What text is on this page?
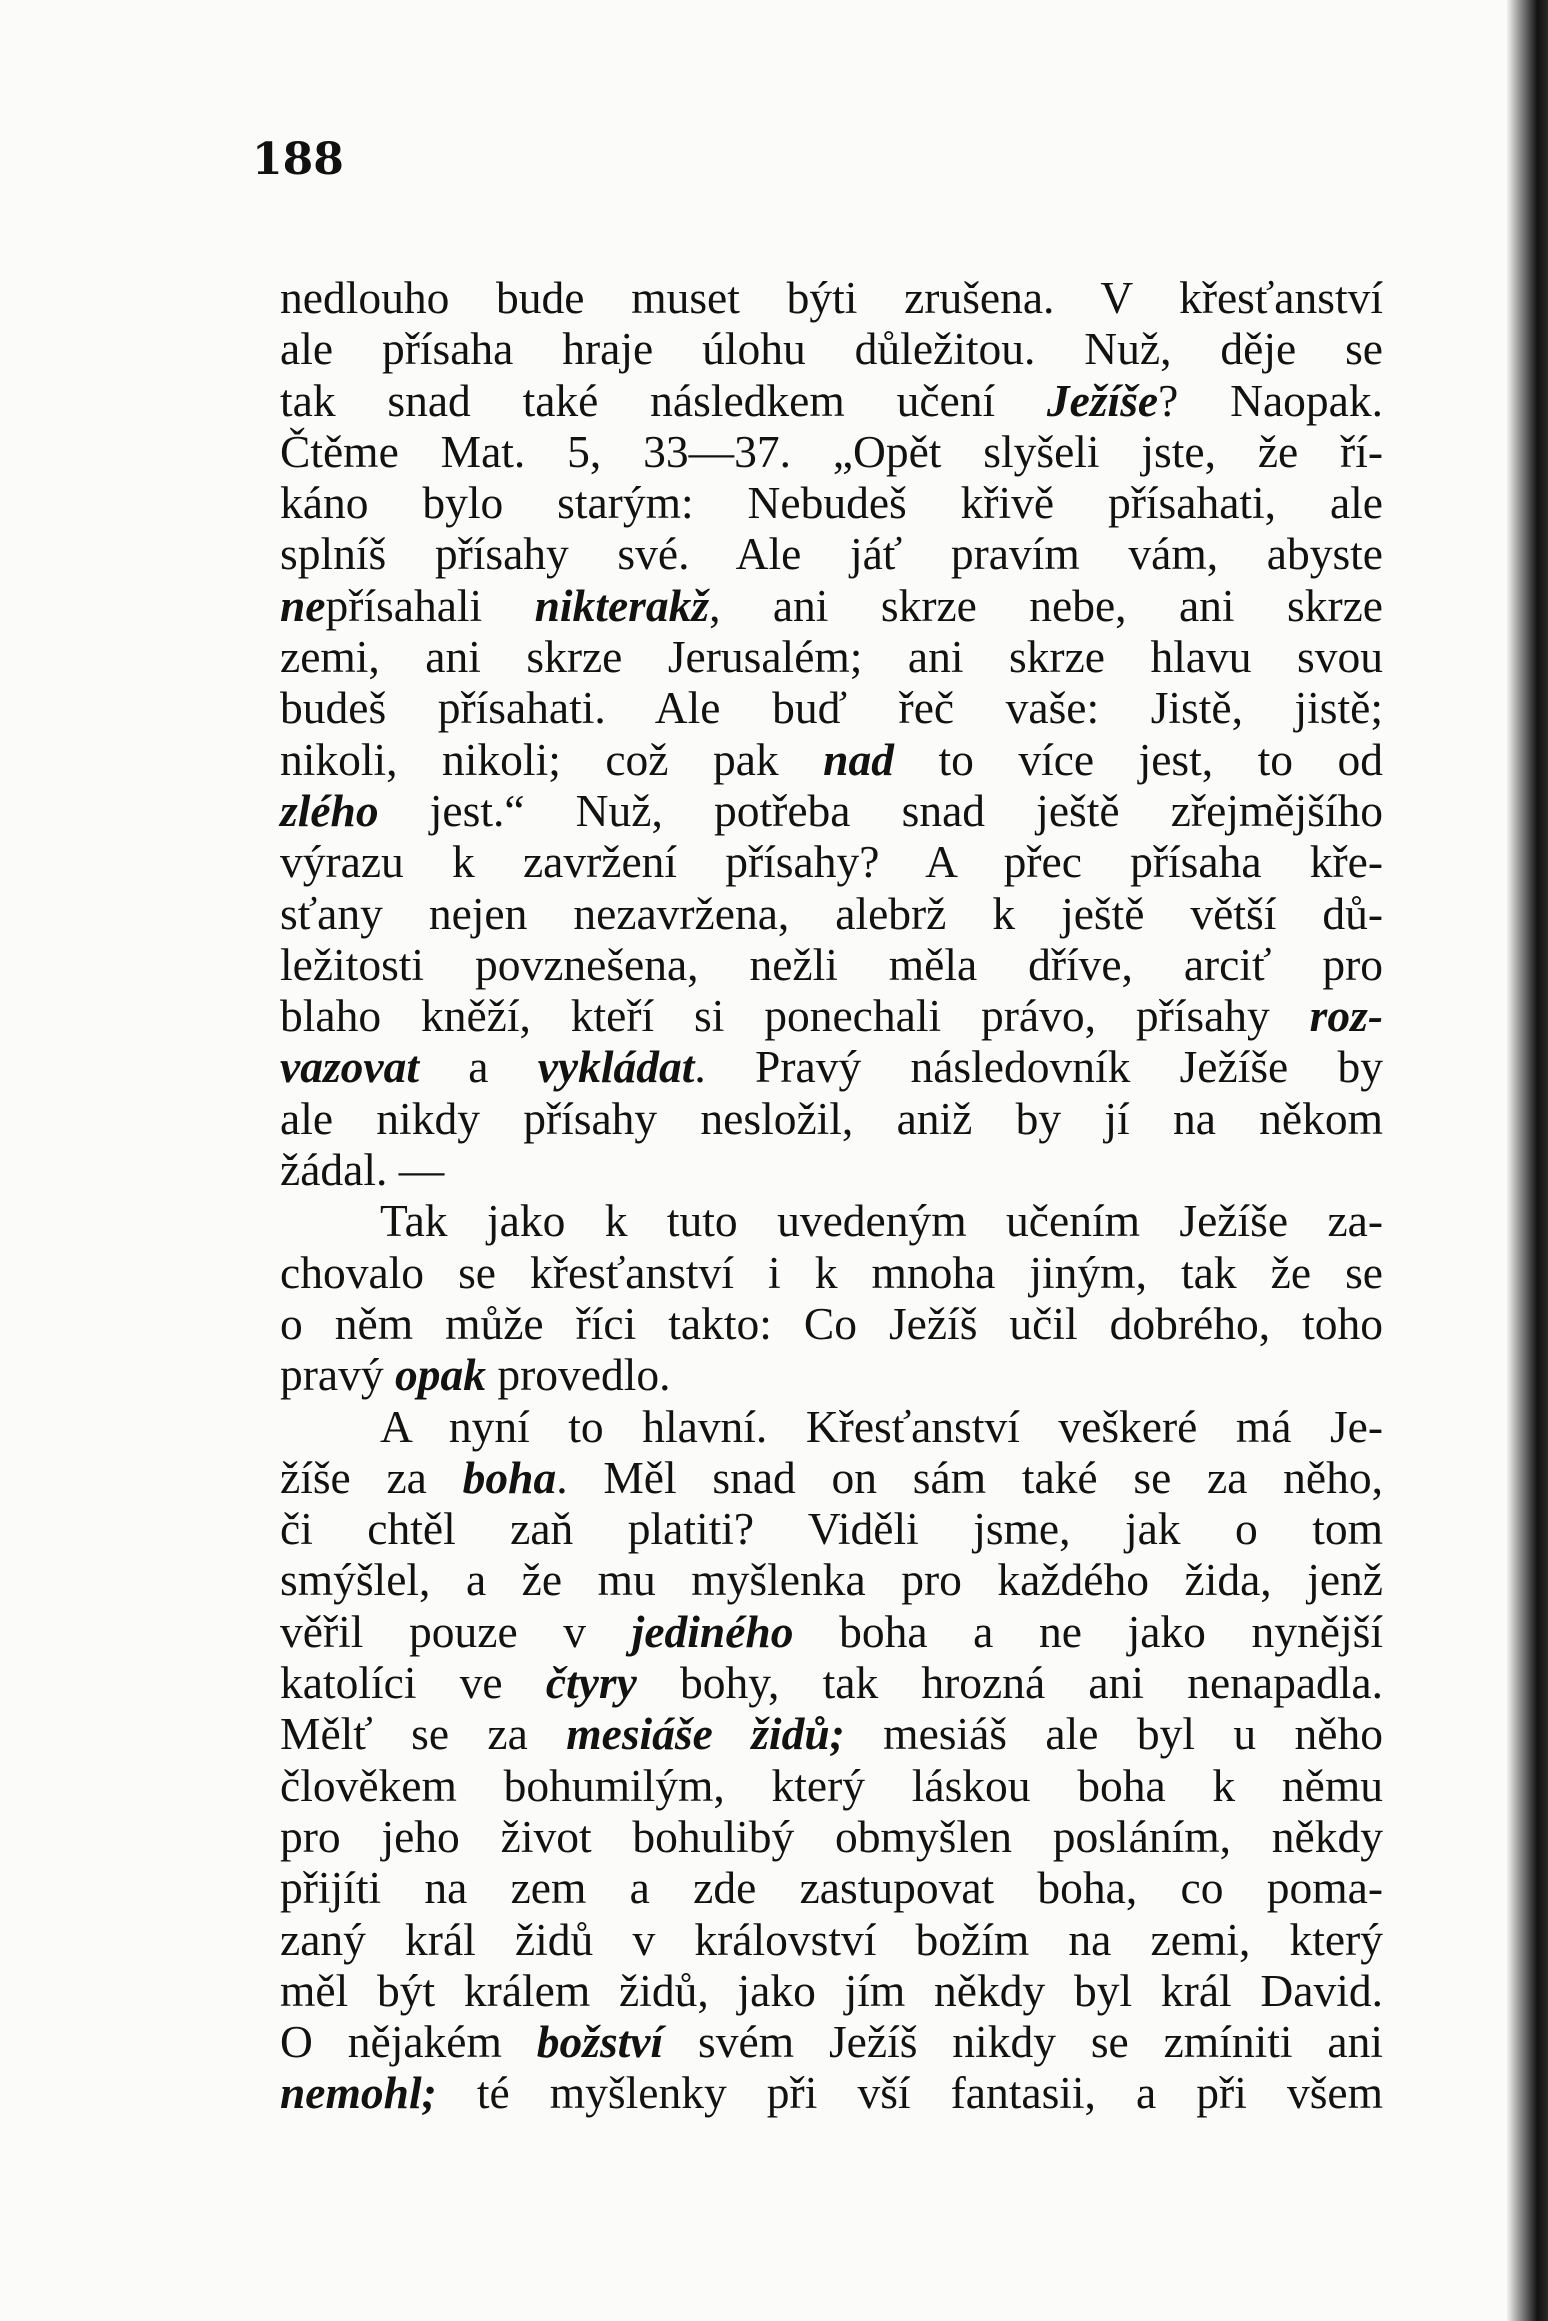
188
nedlouho bude muset býti zrušena. V křesťanství
ale přísaha hraje úlohu důležitou. Nuž, děje se
tak snad také následkem učení Ježíše? Naopak.
Čtěme Mat. 5, 33—37. „Opět slyšeli jste, že ří-
káno bylo starým: Nebudeš křivě přísahati, ale
splníš přísahy své. Ale jáť pravím vám, abyste
nepřísahali nikterakž, ani skrze nebe, ani skrze
zemi, ani skrze Jerusalém; ani skrze hlavu svou
budeš přísahati. Ale buď řeč vaše: Jistě, jistě;
nikoli, nikoli; což pak nad to více jest, to od
zlého jest.“ Nuž, potřeba snad ještě zřejmějšího
výrazu k zavržení přísahy? A přec přísaha kře-
sťany nejen nezavržena, alebrž k ještě větší dů-
ležitosti povznešena, nežli měla dříve, arciť pro
blaho kněží, kteří si ponechali právo, přísahy roz-
vazovat a vykládat. Pravý následovník Ježíše by
ale nikdy přísahy nesložil, aniž by jí na někom
žádal. —
Tak jako k tuto uvedeným učením Ježíše za-
chovalo se křesťanství i k mnoha jiným, tak že se
o něm může říci takto: Co Ježíš učil dobrého, toho
pravý opak provedlo.
A nyní to hlavní. Křesťanství veškeré má Je-
žíše za boha. Měl snad on sám také se za něho,
či chtěl zaň platiti? Viděli jsme, jak o tom
smýšlel, a že mu myšlenka pro každého žida, jenž
věřil pouze v jediného boha a ne jako nynější
katolíci ve čtyry bohy, tak hrozná ani nenapadla.
Mělť se za mesiáše židů; mesiáš ale byl u něho
člověkem bohumilým, který láskou boha k němu
pro jeho život bohulibý obmyšlen posláním, někdy
přijíti na zem a zde zastupovat boha, co poma-
zaný král židů v království božím na zemi, který
měl být králem židů, jako jím někdy byl král David.
O nějakém božství svém Ježíš nikdy se zmíniti ani
nemohl; té myšlenky při vší fantasii, a při všem
